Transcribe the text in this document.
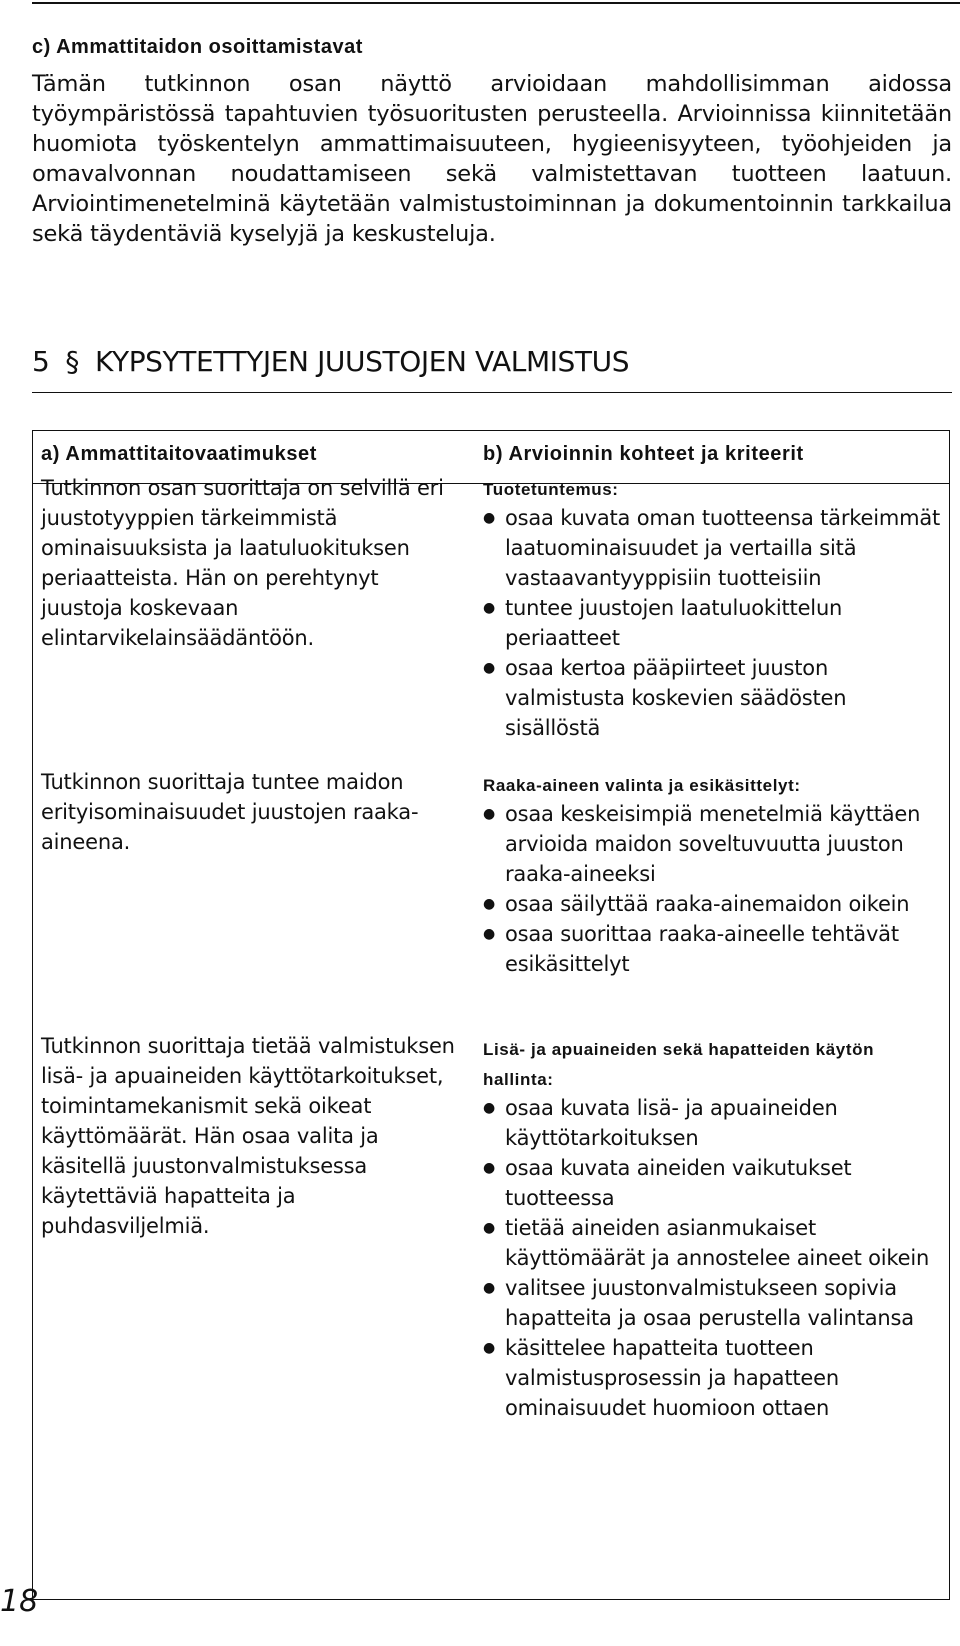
c) Ammattitaidon osoittamistavat

Tämän tutkinnon osan näyttö arvioidaan mahdollisimman aidossa työympäristössä tapahtuvien työsuoritusten perusteella. Arvioinnissa kiinnitetään huomiota työskentelyn ammattimaisuuteen, hygieenisyyteen, työohjeiden ja omavalvonnan noudattamiseen sekä valmistettavan tuotteen laatuun. Arviointimenetelminä käytetään valmistustoiminnan ja dokumentoinnin tarkkailua sekä täydentäviä kyselyjä ja keskusteluja.

5 § KYPSYTETTYJEN JUUSTOJEN VALMISTUS
a) Ammattitaitovaatimukset	b) Arvioinnin kohteet ja kriteerit

Tutkinnon osan suorittaja on selvillä eri juustotyyppien tärkeimmistä ominaisuuksista ja laatuluokituksen periaatteista. Hän on perehtynyt juustoja koskevaan elintarvikelainsäädäntöön.

Tuotetuntemus:

● osaa kuvata oman tuotteensa tärkeimmät laatuominaisuudet ja vertailla sitä vastaavantyyppisiin tuotteisiin
● tuntee juustojen laatuluokittelun periaatteet
● osaa kertoa pääpiirteet juuston valmistusta koskevien säädösten sisällöstä

Tutkinnon suorittaja tuntee maidon erityisominaisuudet juustojen raaka-aineena.

Raaka-aineen valinta ja esikäsittelyt:

● osaa keskeisimpiä menetelmiä käyttäen arvioida maidon soveltuvuutta juuston raaka-aineeksi
● osaa säilyttää raaka-ainemaidon oikein
● osaa suorittaa raaka-aineelle tehtävät esikäsittelyt

Tutkinnon suorittaja tietää valmistuksen lisä- ja apuaineiden käyttötarkoitukset, toimintamekanismit sekä oikeat käyttömäärät. Hän osaa valita ja käsitellä juustonvalmistuksessa käytettäviä hapatteita ja puhdasviljelmiä.

Lisä- ja apuaineiden sekä hapatteiden käytön hallinta:

● osaa kuvata lisä- ja apuaineiden käyttötarkoituksen
● osaa kuvata aineiden vaikutukset tuotteessa
● tietää aineiden asianmukaiset käyttömäärät ja annostelee aineet oikein
● valitsee juustonvalmistukseen sopivia hapatteita ja osaa perustella valintansa
● käsittelee hapatteita tuotteen valmistusprosessin ja hapatteen ominaisuudet huomioon ottaen
18
